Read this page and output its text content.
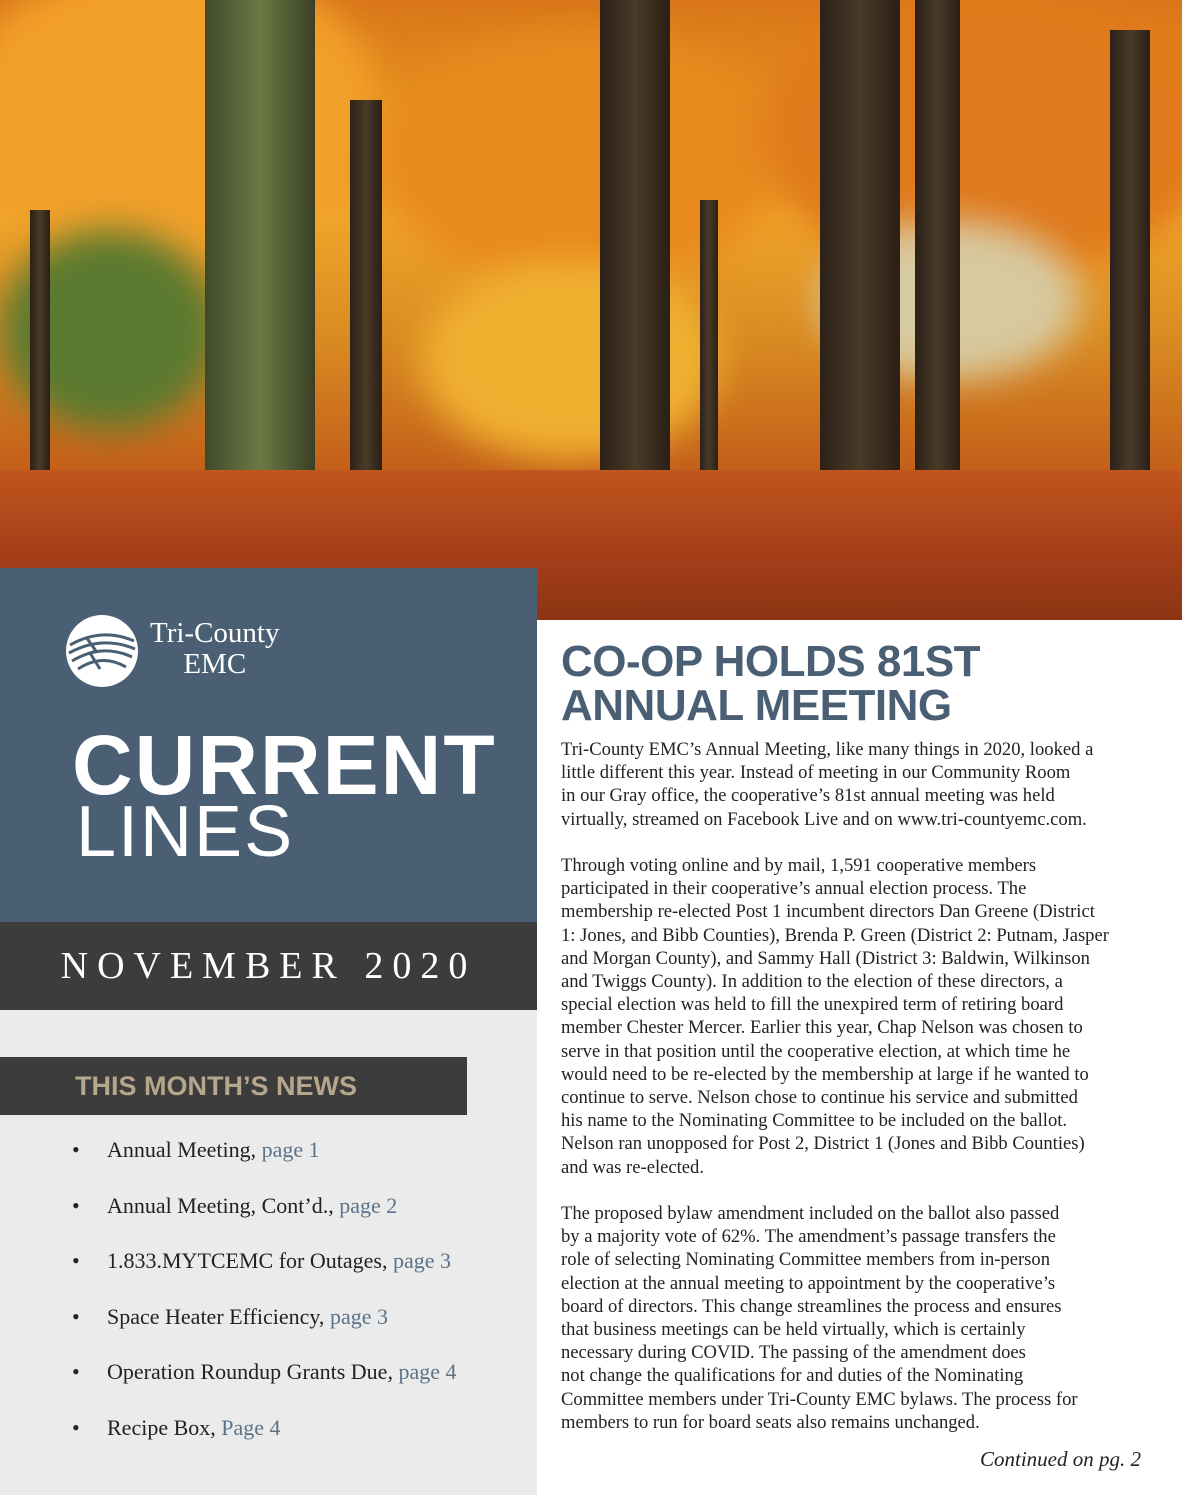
Tri-County
EMC
CURRENT
LINES
NOVEMBER 2020
THIS MONTH’S NEWS
• Annual Meeting, page 1
• Annual Meeting, Cont’d., page 2
• 1.833.MYTCEMC for Outages, page 3
• Space Heater Efficiency, page 3
• Operation Roundup Grants Due, page 4
• Recipe Box, Page 4
CO-OP HOLDS 81ST
ANNUAL MEETING
Tri-County EMC’s Annual Meeting, like many things in 2020, looked a
little different this year. Instead of meeting in our Community Room
in our Gray office, the cooperative’s 81st annual meeting was held
virtually, streamed on Facebook Live and on www.tri-countyemc.com.
Through voting online and by mail, 1,591 cooperative members
participated in their cooperative’s annual election process. The
membership re-elected Post 1 incumbent directors Dan Greene (District
1: Jones, and Bibb Counties), Brenda P. Green (District 2: Putnam, Jasper
and Morgan County), and Sammy Hall (District 3: Baldwin, Wilkinson
and Twiggs County). In addition to the election of these directors, a
special election was held to fill the unexpired term of retiring board
member Chester Mercer. Earlier this year, Chap Nelson was chosen to
serve in that position until the cooperative election, at which time he
would need to be re-elected by the membership at large if he wanted to
continue to serve. Nelson chose to continue his service and submitted
his name to the Nominating Committee to be included on the ballot.
Nelson ran unopposed for Post 2, District 1 (Jones and Bibb Counties)
and was re-elected.
The proposed bylaw amendment included on the ballot also passed
by a majority vote of 62%. The amendment’s passage transfers the
role of selecting Nominating Committee members from in-person
election at the annual meeting to appointment by the cooperative’s
board of directors. This change streamlines the process and ensures
that business meetings can be held virtually, which is certainly
necessary during COVID. The passing of the amendment does
not change the qualifications for and duties of the Nominating
Committee members under Tri-County EMC bylaws. The process for
members to run for board seats also remains unchanged.
Continued on pg. 2
